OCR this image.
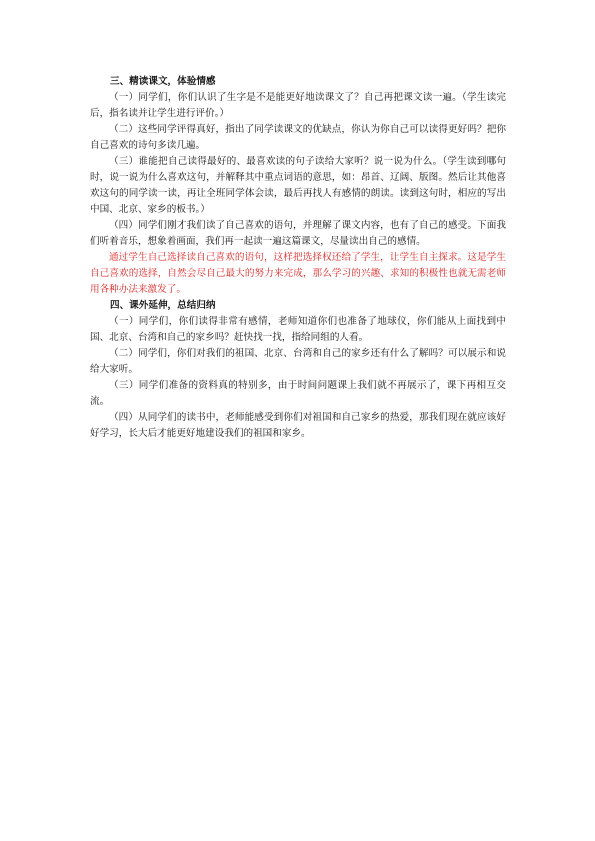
三、精读课文，体验情感

（一）同学们，你们认识了生字是不是能更好地读课文了？自己再把课文读一遍。（学生读完后，指名读并让学生进行评价。）

（二）这些同学评得真好，指出了同学读课文的优缺点，你认为你自己可以读得更好吗？把你自己喜欢的诗句多读几遍。

（三）谁能把自己读得最好的、最喜欢读的句子读给大家听？说一说为什么。（学生读到哪句时，说一说为什么喜欢这句，并解释其中重点词语的意思，如：昂首、辽阔、版图。然后让其他喜欢这句的同学读一读，再让全班同学体会读，最后再找人有感情的朗读。读到这句时，相应的写出中国、北京、家乡的板书。）

（四）同学们刚才我们读了自己喜欢的语句，并理解了课文内容，也有了自己的感受。下面我们听着音乐，想象着画面，我们再一起读一遍这篇课文，尽量读出自己的感情。

通过学生自己选择读自己喜欢的语句，这样把选择权还给了学生，让学生自主探求。这是学生自己喜欢的选择，自然会尽自己最大的努力来完成，那么学习的兴趣、求知的积极性也就无需老师用各种办法来激发了。

四、课外延伸，总结归纳

（一）同学们，你们读得非常有感情，老师知道你们也准备了地球仪，你们能从上面找到中国、北京、台湾和自己的家乡吗？赶快找一找，指给同组的人看。

（二）同学们，你们对我们的祖国、北京、台湾和自己的家乡还有什么了解吗？可以展示和说给大家听。

（三）同学们准备的资料真的特别多，由于时间问题课上我们就不再展示了，课下再相互交流。

（四）从同学们的读书中，老师能感受到你们对祖国和自己家乡的热爱，那我们现在就应该好好学习，长大后才能更好地建设我们的祖国和家乡。
